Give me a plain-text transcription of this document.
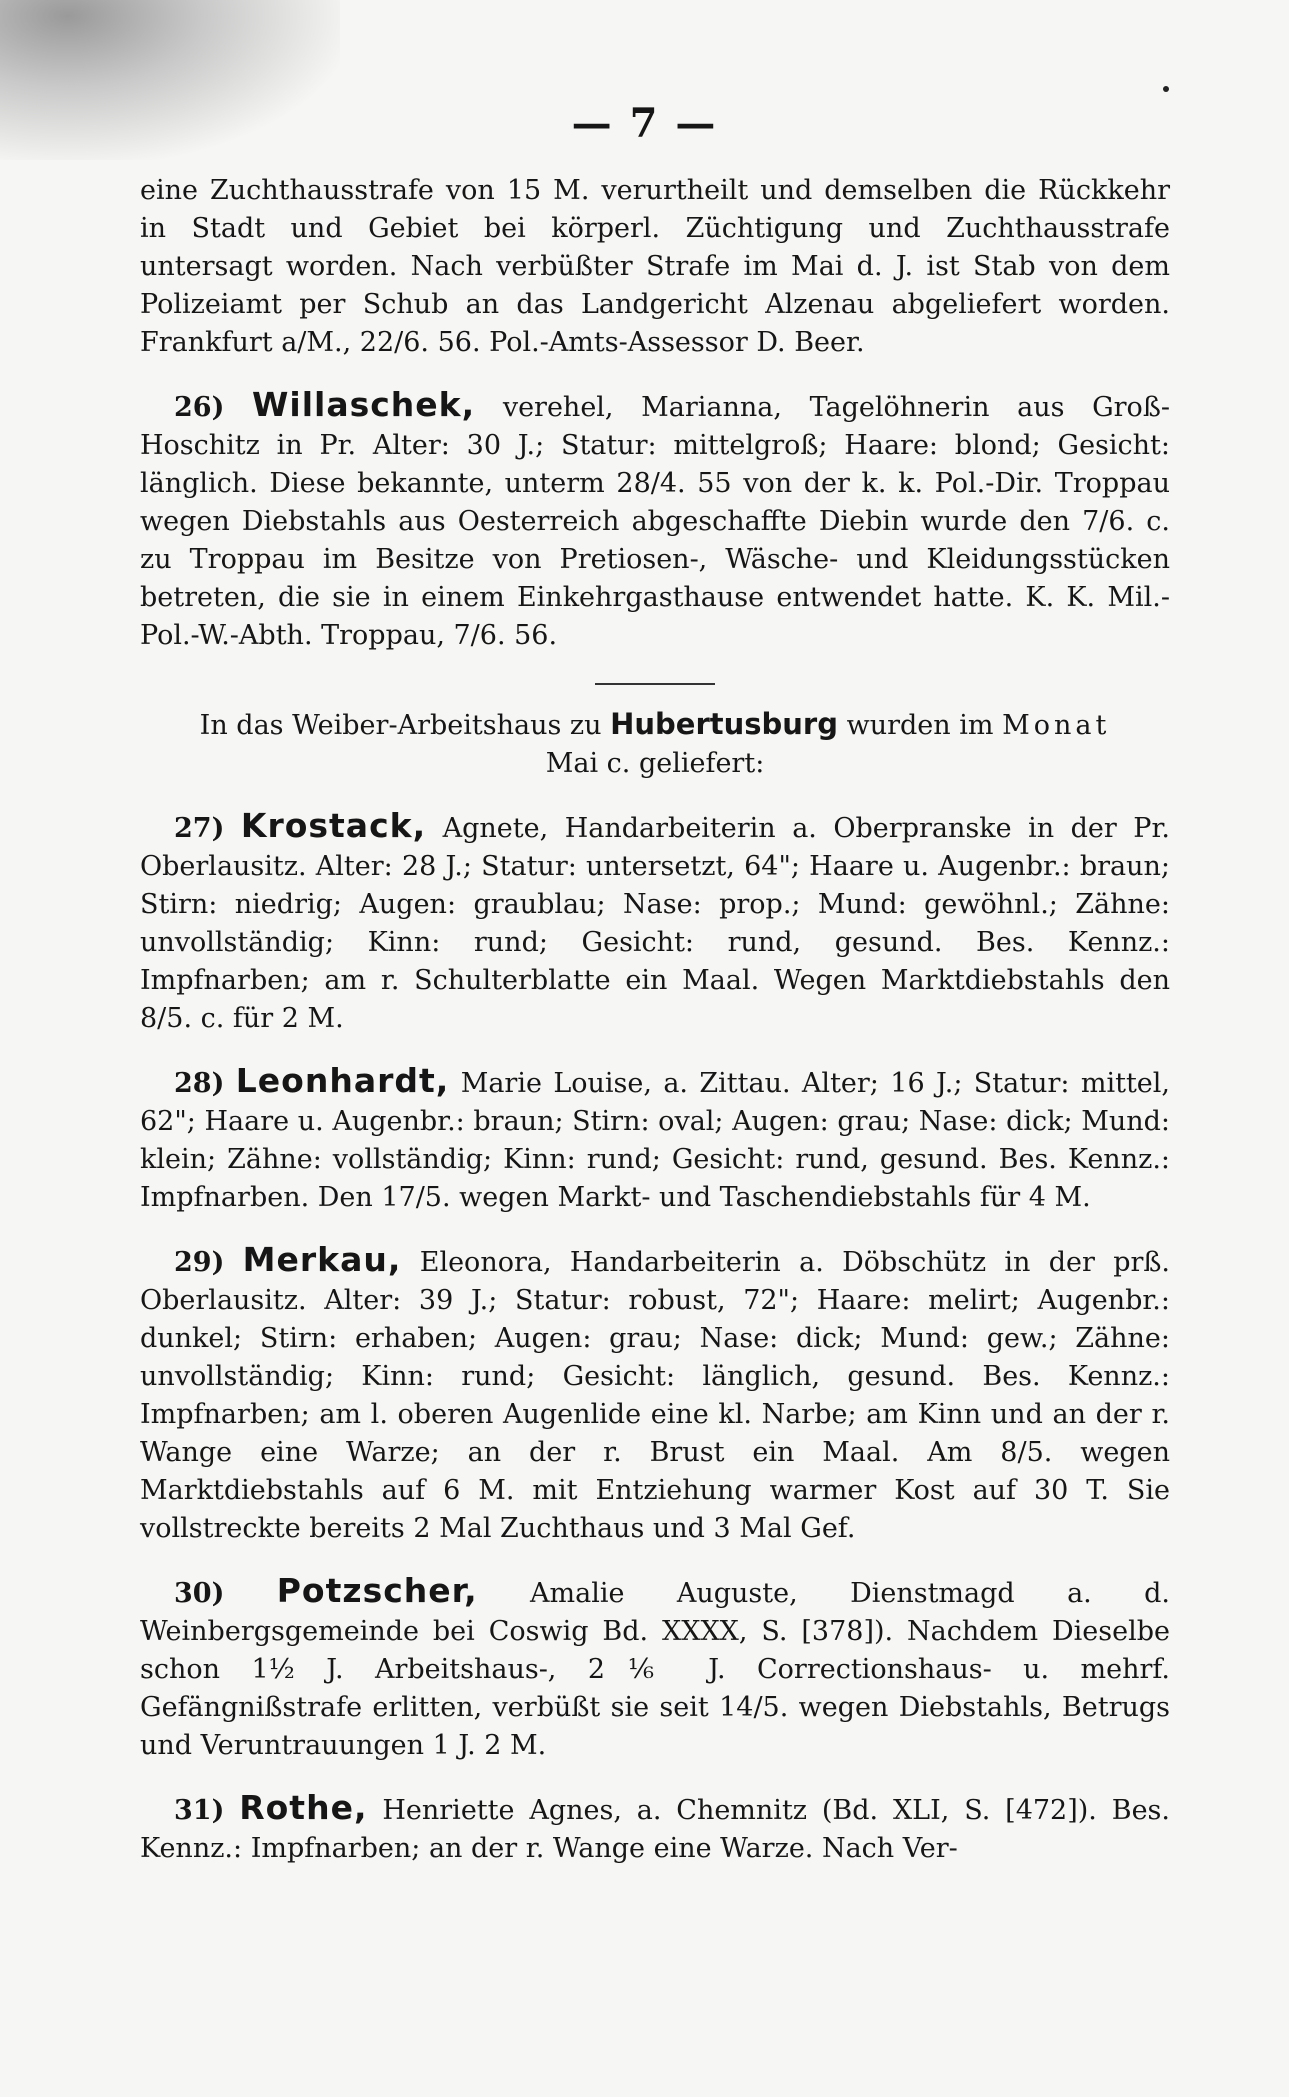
— 7 —

eine Zuchthausstrafe von 15 M. verurtheilt und demselben die Rückkehr in Stadt und Gebiet bei körperl. Züchtigung und Zuchthausstrafe untersagt worden. Nach verbüßter Strafe im Mai d. J. ist Stab von dem Polizeiamt per Schub an das Landgericht Alzenau abgeliefert worden. Frankfurt a/M., 22/6. 56. Pol.-Amts-Assessor D. Beer.

26) Willaschek, verehel, Marianna, Tagelöhnerin aus Groß-Hoschitz in Pr. Alter: 30 J.; Statur: mittelgroß; Haare: blond; Gesicht: länglich. Diese bekannte, unterm 28/4. 55 von der k. k. Pol.-Dir. Troppau wegen Diebstahls aus Oesterreich abgeschaffte Diebin wurde den 7/6. c. zu Troppau im Besitze von Pretiosen-, Wäsche- und Kleidungsstücken betreten, die sie in einem Einkehrgasthause entwendet hatte. K. K. Mil.-Pol.-W.-Abth. Troppau, 7/6. 56.

In das Weiber-Arbeitshaus zu Hubertusburg wurden im Monat
Mai c. geliefert:

27) Krostack, Agnete, Handarbeiterin a. Oberpranske in der Pr. Oberlausitz. Alter: 28 J.; Statur: untersetzt, 64"; Haare u. Augenbr.: braun; Stirn: niedrig; Augen: graublau; Nase: prop.; Mund: gewöhnl.; Zähne: unvollständig; Kinn: rund; Gesicht: rund, gesund. Bes. Kennz.: Impfnarben; am r. Schulterblatte ein Maal. Wegen Marktdiebstahls den 8/5. c. für 2 M.

28) Leonhardt, Marie Louise, a. Zittau. Alter; 16 J.; Statur: mittel, 62"; Haare u. Augenbr.: braun; Stirn: oval; Augen: grau; Nase: dick; Mund: klein; Zähne: vollständig; Kinn: rund; Gesicht: rund, gesund. Bes. Kennz.: Impfnarben. Den 17/5. wegen Markt- und Taschendiebstahls für 4 M.

29) Merkau, Eleonora, Handarbeiterin a. Döbschütz in der prß. Oberlausitz. Alter: 39 J.; Statur: robust, 72"; Haare: melirt; Augenbr.: dunkel; Stirn: erhaben; Augen: grau; Nase: dick; Mund: gew.; Zähne: unvollständig; Kinn: rund; Gesicht: länglich, gesund. Bes. Kennz.: Impfnarben; am l. oberen Augenlide eine kl. Narbe; am Kinn und an der r. Wange eine Warze; an der r. Brust ein Maal. Am 8/5. wegen Marktdiebstahls auf 6 M. mit Entziehung warmer Kost auf 30 T. Sie vollstreckte bereits 2 Mal Zuchthaus und 3 Mal Gef.

30) Potzscher, Amalie Auguste, Dienstmagd a. d. Weinbergsgemeinde bei Coswig Bd. XXXX, S. [378]). Nachdem Dieselbe schon 1½ J. Arbeitshaus-, 2⅙ J. Correctionshaus- u. mehrf. Gefängnißstrafe erlitten, verbüßt sie seit 14/5. wegen Diebstahls, Betrugs und Veruntrauungen 1 J. 2 M.

31) Rothe, Henriette Agnes, a. Chemnitz (Bd. XLI, S. [472]). Bes. Kennz.: Impfnarben; an der r. Wange eine Warze. Nach Ver-
